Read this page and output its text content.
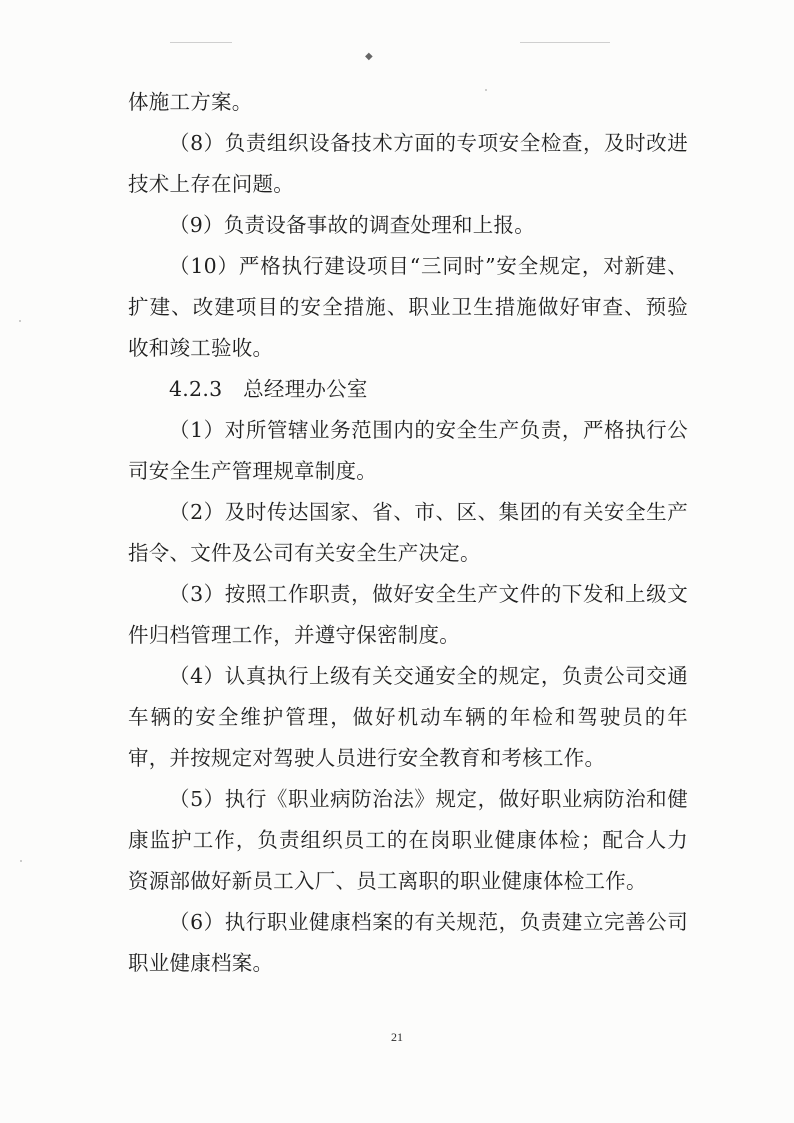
◆

体施工方案。

（8）负责组织设备技术方面的专项安全检查，及时改进技术上存在问题。

（9）负责设备事故的调查处理和上报。

（10）严格执行建设项目“三同时”安全规定，对新建、扩建、改建项目的安全措施、职业卫生措施做好审查、预验收和竣工验收。

4.2.3　总经理办公室

（1）对所管辖业务范围内的安全生产负责，严格执行公司安全生产管理规章制度。

（2）及时传达国家、省、市、区、集团的有关安全生产指令、文件及公司有关安全生产决定。

（3）按照工作职责，做好安全生产文件的下发和上级文件归档管理工作，并遵守保密制度。

（4）认真执行上级有关交通安全的规定，负责公司交通车辆的安全维护管理，做好机动车辆的年检和驾驶员的年审，并按规定对驾驶人员进行安全教育和考核工作。

（5）执行《职业病防治法》规定，做好职业病防治和健康监护工作，负责组织员工的在岗职业健康体检；配合人力资源部做好新员工入厂、员工离职的职业健康体检工作。

（6）执行职业健康档案的有关规范，负责建立完善公司职业健康档案。

21
